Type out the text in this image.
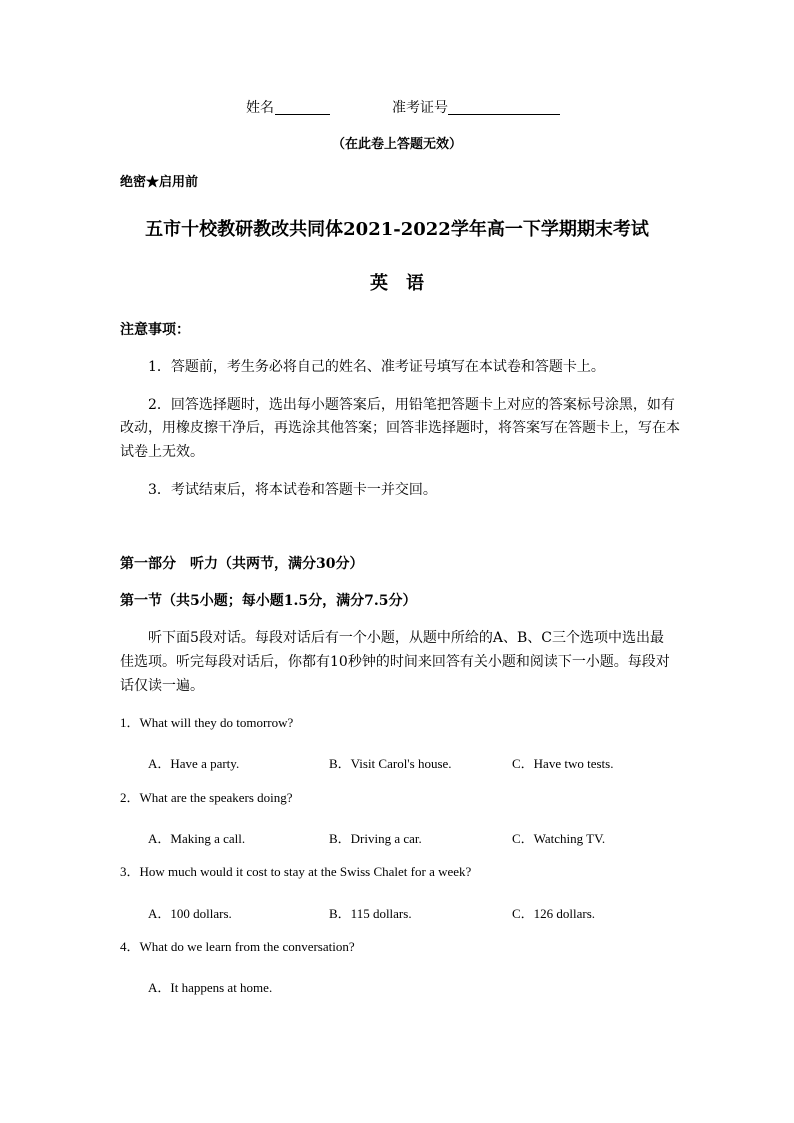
姓名	准考证号
（在此卷上答题无效）
绝密★启用前
五市十校教研教改共同体2021-2022学年高一下学期期末考试
英　语
注意事项：
1．答题前，考生务必将自己的姓名、准考证号填写在本试卷和答题卡上。
2．回答选择题时，选出每小题答案后，用铅笔把答题卡上对应的答案标号涂黑，如有
改动，用橡皮擦干净后，再选涂其他答案；回答非选择题时，将答案写在答题卡上，写在本
试卷上无效。
3．考试结束后，将本试卷和答题卡一并交回。
第一部分　听力（共两节，满分30分）
第一节（共5小题；每小题1.5分，满分7.5分）
听下面5段对话。每段对话后有一个小题，从题中所给的A、B、C三个选项中选出最
佳选项。听完每段对话后，你都有10秒钟的时间来回答有关小题和阅读下一小题。每段对
话仅读一遍。
1．What will they do tomorrow?
A．Have a party.	B．Visit Carol's house.	C．Have two tests.
2．What are the speakers doing?
A．Making a call.	B．Driving a car.	C．Watching TV.
3．How much would it cost to stay at the Swiss Chalet for a week?
A．100 dollars.	B．115 dollars.	C．126 dollars.
4．What do we learn from the conversation?
A．It happens at home.
